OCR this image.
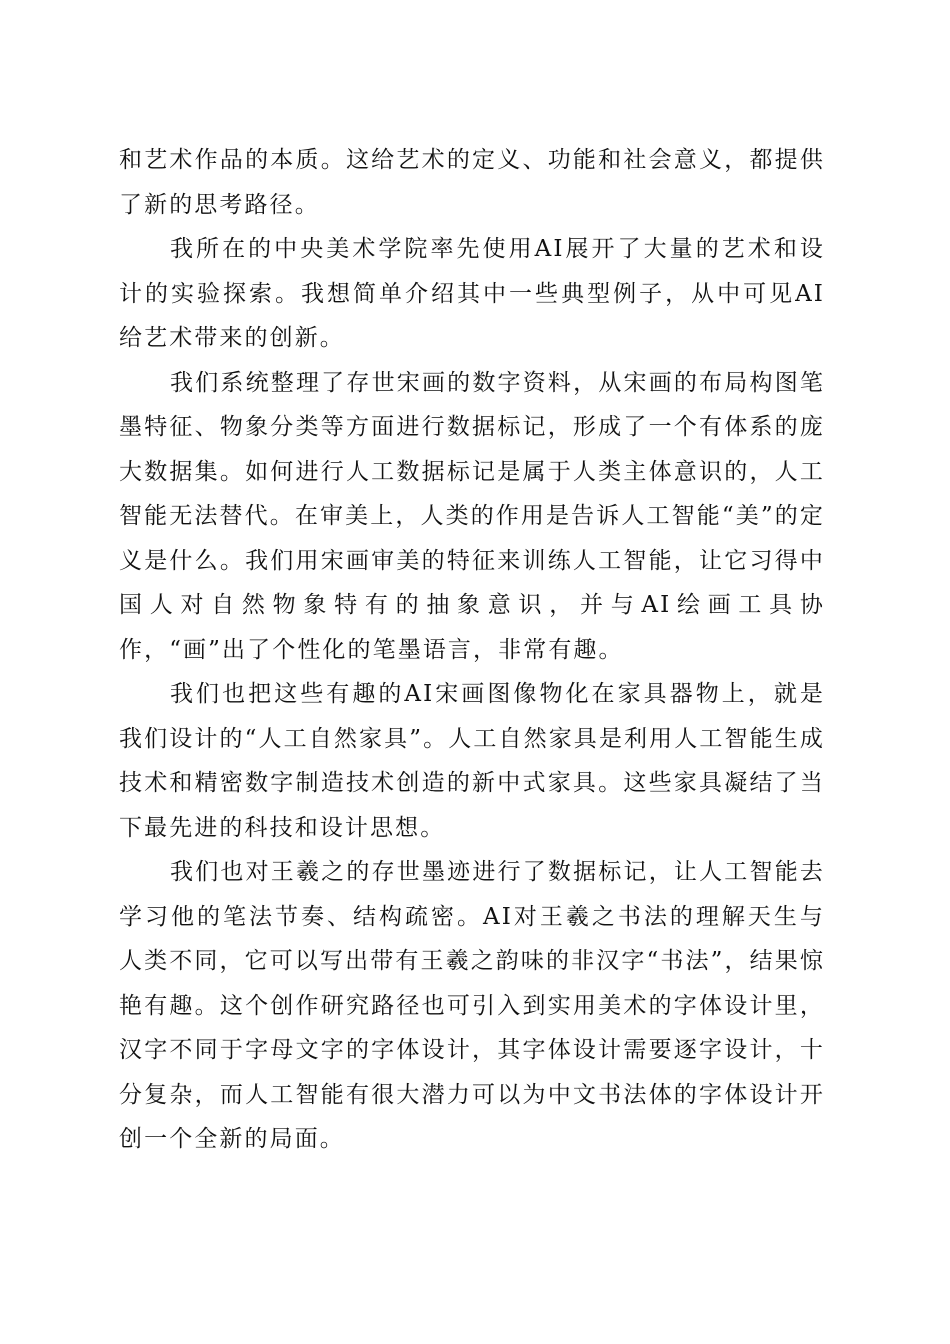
和艺术作品的本质。这给艺术的定义、功能和社会意义，都提供了新的思考路径。

我所在的中央美术学院率先使用AI展开了大量的艺术和设计的实验探索。我想简单介绍其中一些典型例子，从中可见AI给艺术带来的创新。

我们系统整理了存世宋画的数字资料，从宋画的布局构图笔墨特征、物象分类等方面进行数据标记，形成了一个有体系的庞大数据集。如何进行人工数据标记是属于人类主体意识的，人工智能无法替代。在审美上，人类的作用是告诉人工智能“美”的定义是什么。我们用宋画审美的特征来训练人工智能，让它习得中国人对自然物象特有的抽象意识，并与AI绘画工具协作，“画”出了个性化的笔墨语言，非常有趣。

我们也把这些有趣的AI宋画图像物化在家具器物上，就是我们设计的“人工自然家具”。人工自然家具是利用人工智能生成技术和精密数字制造技术创造的新中式家具。这些家具凝结了当下最先进的科技和设计思想。

我们也对王羲之的存世墨迹进行了数据标记，让人工智能去学习他的笔法节奏、结构疏密。AI对王羲之书法的理解天生与人类不同，它可以写出带有王羲之韵味的非汉字“书法”，结果惊艳有趣。这个创作研究路径也可引入到实用美术的字体设计里，汉字不同于字母文字的字体设计，其字体设计需要逐字设计，十分复杂，而人工智能有很大潜力可以为中文书法体的字体设计开创一个全新的局面。
